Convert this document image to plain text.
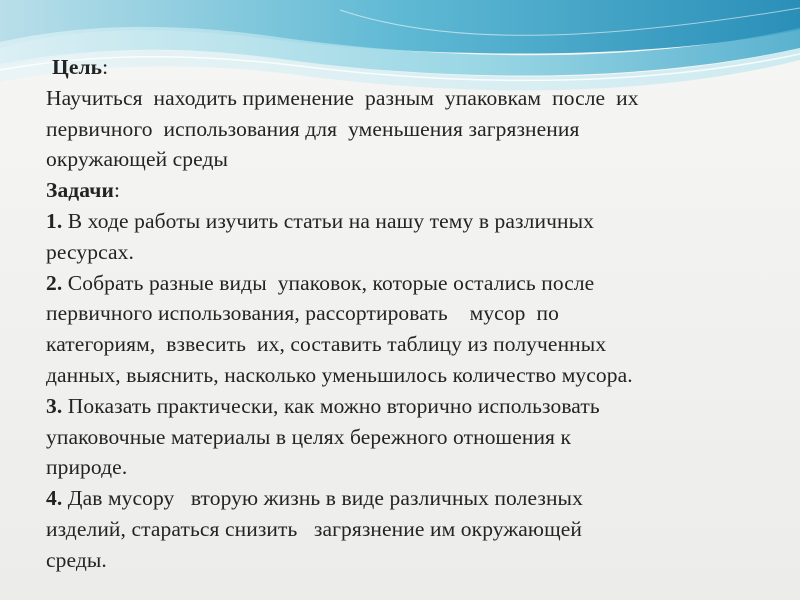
Цель:
Научиться  находить применение  разным  упаковкам  после  их
первичного  использования для  уменьшения загрязнения
окружающей среды
Задачи:
1. В ходе работы изучить статьи на нашу тему в различных
ресурсах.
2. Собрать разные виды  упаковок, которые остались после
первичного использования, рассортировать    мусор  по
категориям,  взвесить  их, составить таблицу из полученных
данных, выяснить, насколько уменьшилось количество мусора.
3. Показать практически, как можно вторично использовать
упаковочные материалы в целях бережного отношения к
природе.
4. Дав мусору   вторую жизнь в виде различных полезных
изделий, стараться снизить   загрязнение им окружающей
среды.
